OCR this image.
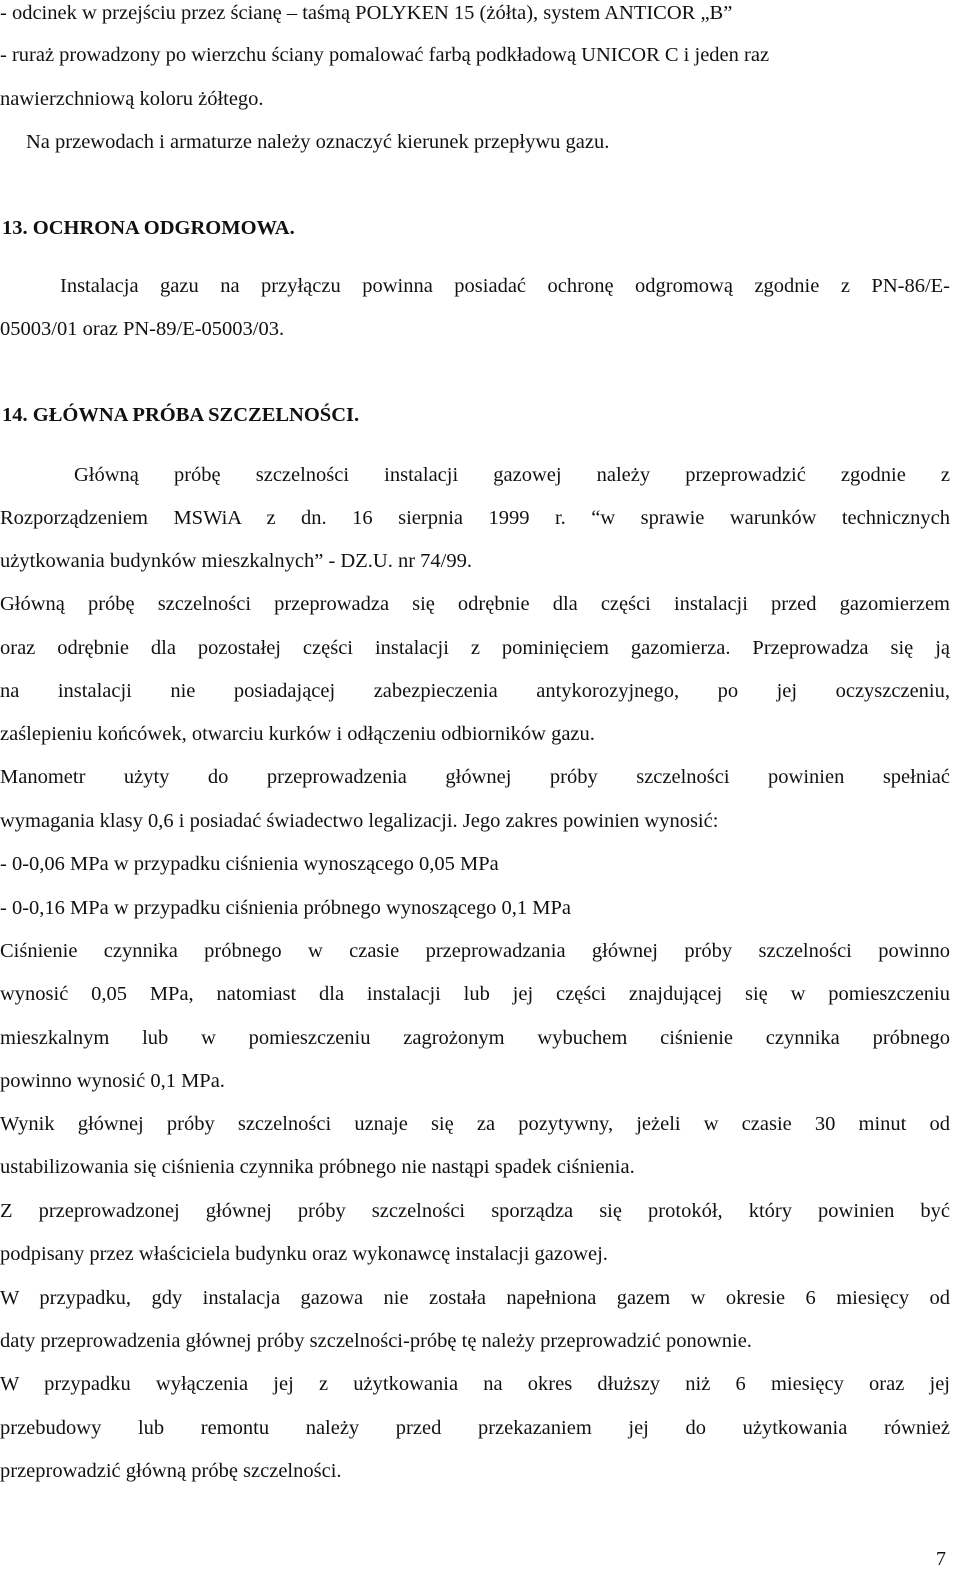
- odcinek w przejściu przez ścianę – taśmą POLYKEN 15 (żółta), system ANTICOR „B”
- ruraż prowadzony po wierzchu ściany pomalować farbą podkładową UNICOR C i jeden raz
nawierzchniową koloru żółtego.
Na przewodach i armaturze należy oznaczyć kierunek przepływu gazu.
13. OCHRONA ODGROMOWA.
Instalacja gazu na przyłączu powinna posiadać ochronę odgromową zgodnie z PN-86/E-
05003/01 oraz PN-89/E-05003/03.
14. GŁÓWNA PRÓBA SZCZELNOŚCI.
Główną próbę szczelności instalacji gazowej należy przeprowadzić zgodnie z
Rozporządzeniem MSWiA z dn. 16 sierpnia 1999 r. “w sprawie warunków technicznych
użytkowania budynków mieszkalnych” - DZ.U. nr 74/99.
Główną próbę szczelności przeprowadza się odrębnie dla części instalacji przed gazomierzem
oraz odrębnie dla pozostałej części instalacji z pominięciem gazomierza. Przeprowadza się ją
na instalacji nie posiadającej zabezpieczenia antykorozyjnego, po jej oczyszczeniu,
zaślepieniu końcówek, otwarciu kurków i odłączeniu odbiorników gazu.
Manometr użyty do przeprowadzenia głównej próby szczelności powinien spełniać
wymagania klasy 0,6 i posiadać świadectwo legalizacji. Jego zakres powinien wynosić:
- 0-0,06 MPa w przypadku ciśnienia wynoszącego 0,05 MPa
- 0-0,16 MPa w przypadku ciśnienia próbnego wynoszącego 0,1 MPa
Ciśnienie czynnika próbnego w czasie przeprowadzania głównej próby szczelności powinno
wynosić 0,05 MPa, natomiast dla instalacji lub jej części znajdującej się w pomieszczeniu
mieszkalnym lub w pomieszczeniu zagrożonym wybuchem ciśnienie czynnika próbnego
powinno wynosić 0,1 MPa.
Wynik głównej próby szczelności uznaje się za pozytywny, jeżeli w czasie 30 minut od
ustabilizowania się ciśnienia czynnika próbnego nie nastąpi spadek ciśnienia.
Z przeprowadzonej głównej próby szczelności sporządza się protokół, który powinien być
podpisany przez właściciela budynku oraz wykonawcę instalacji gazowej.
W przypadku, gdy instalacja gazowa nie została napełniona gazem w okresie 6 miesięcy od
daty przeprowadzenia głównej próby szczelności-próbę tę należy przeprowadzić ponownie.
W przypadku wyłączenia jej z użytkowania na okres dłuższy niż 6 miesięcy oraz jej
przebudowy lub remontu należy przed przekazaniem jej do użytkowania również
przeprowadzić główną próbę szczelności.
7
